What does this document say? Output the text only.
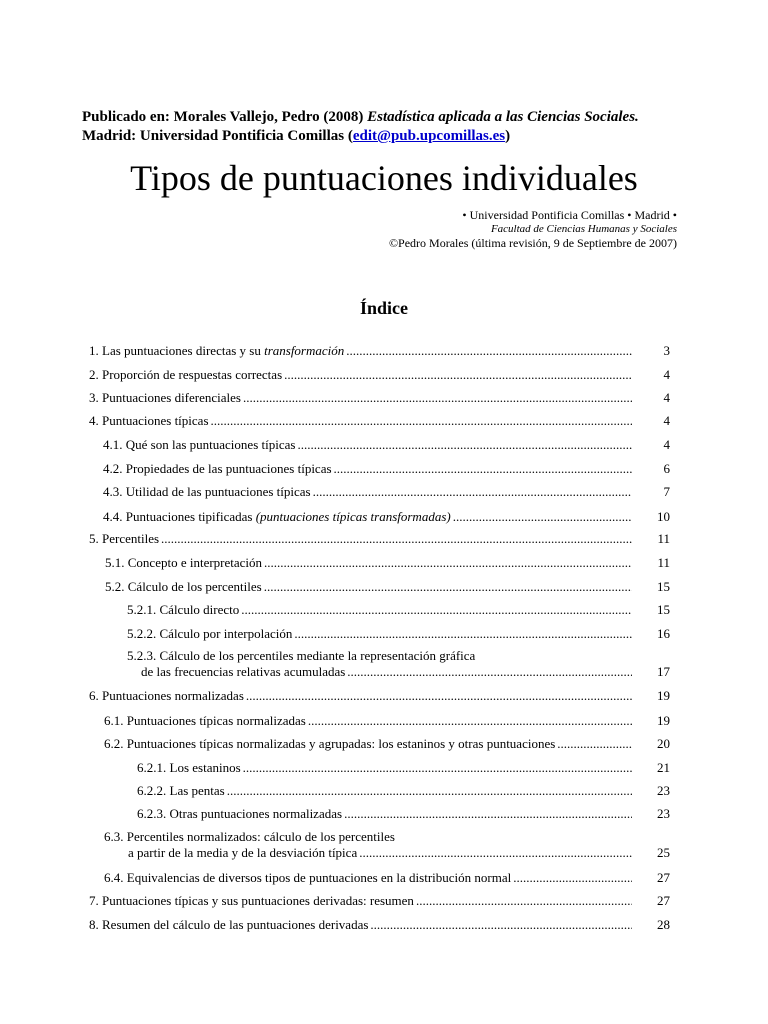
Publicado en: Morales Vallejo, Pedro (2008) Estadística aplicada a las Ciencias Sociales.
Madrid: Universidad Pontificia Comillas (edit@pub.upcomillas.es)
Tipos de puntuaciones individuales
• Universidad Pontificia Comillas • Madrid •
Facultad de Ciencias Humanas y Sociales
©Pedro Morales (última revisión, 9 de Septiembre de 2007)
Índice
1. Las puntuaciones directas y su transformación .....	3
2. Proporción de respuestas correctas .....	4
3. Puntuaciones diferenciales .....	4
4. Puntuaciones típicas .....	4
4.1. Qué son las puntuaciones típicas .....	4
4.2. Propiedades de las puntuaciones típicas .....	6
4.3. Utilidad de las puntuaciones típicas .....	7
4.4. Puntuaciones tipificadas (puntuaciones típicas transformadas) .....	10
5. Percentiles .....	11
5.1. Concepto e interpretación .....	11
5.2. Cálculo de los percentiles .....	15
5.2.1. Cálculo directo .....	15
5.2.2. Cálculo por interpolación .....	16
5.2.3. Cálculo de los percentiles mediante la representación gráfica
de las frecuencias relativas acumuladas .....	17
6. Puntuaciones normalizadas .....	19
6.1. Puntuaciones típicas normalizadas .....	19
6.2. Puntuaciones típicas normalizadas y agrupadas: los estaninos y otras puntuaciones .....	20
6.2.1. Los estaninos .....	21
6.2.2. Las pentas .....	23
6.2.3. Otras puntuaciones normalizadas .....	23
6.3. Percentiles normalizados: cálculo de los percentiles
a partir de la media y de la desviación típica .....	25
6.4. Equivalencias de diversos tipos de puntuaciones en la distribución normal .....	27
7. Puntuaciones típicas y sus puntuaciones derivadas: resumen .....	27
8. Resumen del cálculo de las puntuaciones derivadas .....	28
